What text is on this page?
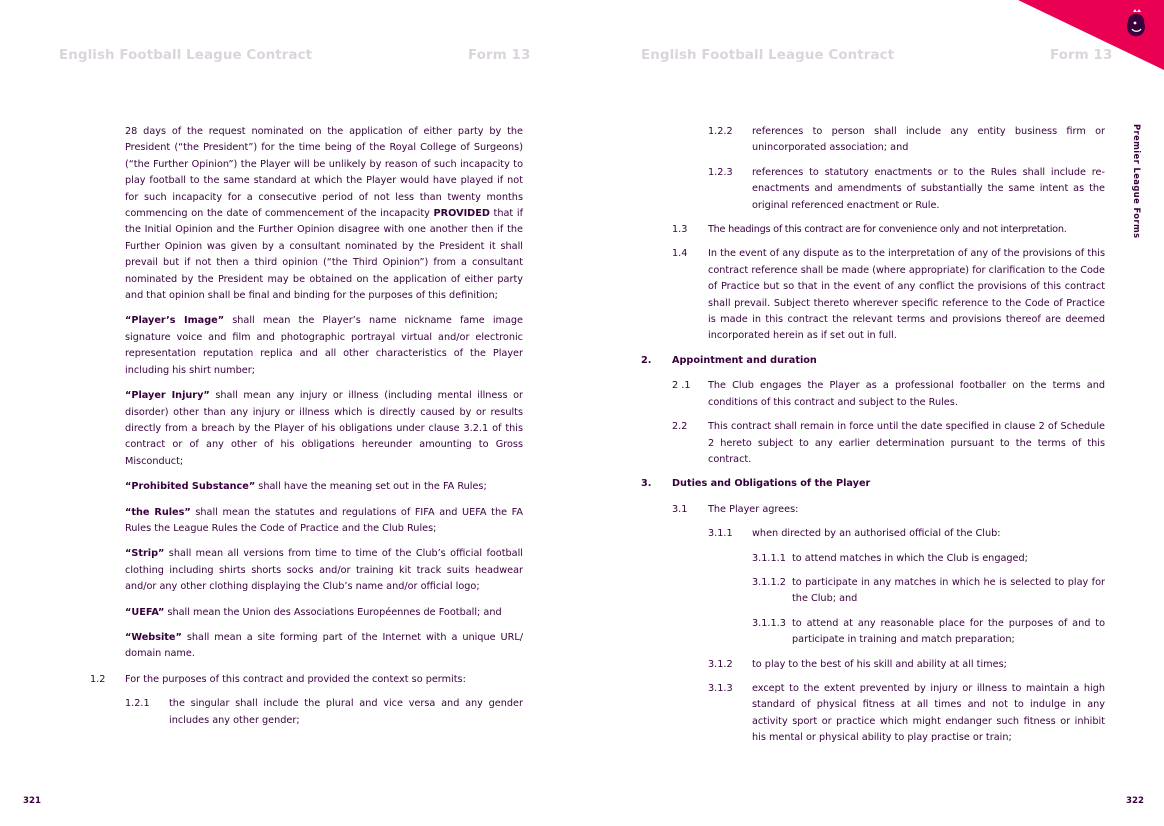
English Football League Contract	Form 13

28 days of the request nominated on the application of either party by the President (“the President”) for the time being of the Royal College of Surgeons) (“the Further Opinion”) the Player will be unlikely by reason of such incapacity to play football to the same standard at which the Player would have played if not for such incapacity for a consecutive period of not less than twenty months commencing on the date of commencement of the incapacity PROVIDED that if the Initial Opinion and the Further Opinion disagree with one another then if the Further Opinion was given by a consultant nominated by the President it shall prevail but if not then a third opinion (“the Third Opinion”) from a consultant nominated by the President may be obtained on the application of either party and that opinion shall be final and binding for the purposes of this definition;

“Player’s Image” shall mean the Player’s name nickname fame image signature voice and film and photographic portrayal virtual and/or electronic representation reputation replica and all other characteristics of the Player including his shirt number;

“Player Injury” shall mean any injury or illness (including mental illness or disorder) other than any injury or illness which is directly caused by or results directly from a breach by the Player of his obligations under clause 3.2.1 of this contract or of any other of his obligations hereunder amounting to Gross Misconduct;

“Prohibited Substance” shall have the meaning set out in the FA Rules;

“the Rules” shall mean the statutes and regulations of FIFA and UEFA the FA Rules the League Rules the Code of Practice and the Club Rules;

“Strip” shall mean all versions from time to time of the Club’s official football clothing including shirts shorts socks and/or training kit track suits headwear and/or any other clothing displaying the Club’s name and/or official logo;

“UEFA” shall mean the Union des Associations Européennes de Football; and

“Website” shall mean a site forming part of the Internet with a unique URL/ domain name.

1.2	For the purposes of this contract and provided the context so permits:
1.2.1	the singular shall include the plural and vice versa and any gender includes any other gender;
321
English Football League Contract	Form 13
1.2.2	references to person shall include any entity business firm or unincorporated association; and
1.2.3	references to statutory enactments or to the Rules shall include re-enactments and amendments of substantially the same intent as the original referenced enactment or Rule.
1.3	The headings of this contract are for convenience only and not interpretation.
1.4	In the event of any dispute as to the interpretation of any of the provisions of this contract reference shall be made (where appropriate) for clarification to the Code of Practice but so that in the event of any conflict the provisions of this contract shall prevail. Subject thereto wherever specific reference to the Code of Practice is made in this contract the relevant terms and provisions thereof are deemed incorporated herein as if set out in full.
2.	Appointment and duration
2 .1	The Club engages the Player as a professional footballer on the terms and conditions of this contract and subject to the Rules.
2.2	This contract shall remain in force until the date specified in clause 2 of Schedule 2 hereto subject to any earlier determination pursuant to the terms of this contract.
3.	Duties and Obligations of the Player
3.1	The Player agrees:
3.1.1	when directed by an authorised official of the Club:
3.1.1.1 to attend matches in which the Club is engaged;
3.1.1.2 to participate in any matches in which he is selected to play for the Club; and
3.1.1.3 to attend at any reasonable place for the purposes of and to participate in training and match preparation;
3.1.2	to play to the best of his skill and ability at all times;
3.1.3	except to the extent prevented by injury or illness to maintain a high standard of physical fitness at all times and not to indulge in any activity sport or practice which might endanger such fitness or inhibit his mental or physical ability to play practise or train;
322
Premier League Forms
